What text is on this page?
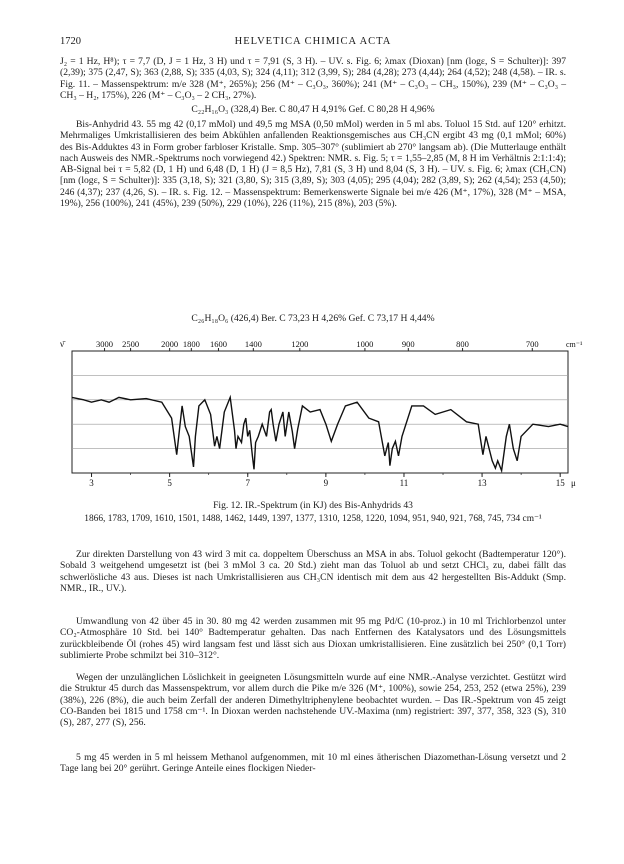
1720	HELVETICA CHIMICA ACTA

J₂ = 1 Hz, H⁸); τ = 7,7 (D, J = 1 Hz, 3 H) und τ = 7,91 (S, 3 H). – UV. s. Fig. 6; λmax (Dioxan) [nm (logε, S = Schulter)]: 397 (2,39); 375 (2,47, S); 363 (2,88, S); 335 (4,03, S); 324 (4,11); 312 (3,99, S); 284 (4,28); 273 (4,44); 264 (4,52); 248 (4,58). – IR. s. Fig. 11. – Massenspektrum: m/e 328 (M⁺, 265%); 256 (M⁺ – C₃O₃, 360%); 241 (M⁺ – C₃O₃ – CH₃, 150%), 239 (M⁺ – C₃O₃ – CH₃ – H₂, 175%), 226 (M⁺ – C₃O₃ – 2 CH₃, 27%).

C₂₂H₁₆O₃ (328,4) Ber. C 80,47 H 4,91% Gef. C 80,28 H 4,96%

Bis-Anhydrid 43. 55 mg 42 (0,17 mMol) und 49,5 mg MSA (0,50 mMol) werden in 5 ml abs. Toluol 15 Std. auf 120° erhitzt. Mehrmaliges Umkristallisieren des beim Abkühlen anfallenden Reaktionsgemisches aus CH₃CN ergibt 43 mg (0,1 mMol; 60%) des Bis-Adduktes 43 in Form grober farbloser Kristalle. Smp. 305–307° (sublimiert ab 270° langsam ab). (Die Mutterlauge enthält nach Ausweis des NMR.-Spektrums noch vorwiegend 42.) Spektren: NMR. s. Fig. 5; τ = 1,55–2,85 (M, 8 H im Verhältnis 2:1:1:4); AB-Signal bei τ = 5,82 (D, 1 H) und 6,48 (D, 1 H) (J = 8,5 Hz), 7,81 (S, 3 H) und 8,04 (S, 3 H). – UV. s. Fig. 6; λmax (CH₃CN) [nm (logε, S = Schulter)]: 335 (3,18, S); 321 (3,80, S); 315 (3,89, S); 303 (4,05); 295 (4,04); 282 (3,89, S); 262 (4,54); 253 (4,50); 246 (4,37); 237 (4,26, S). – IR. s. Fig. 12. – Massenspektrum: Bemerkenswerte Signale bei m/e 426 (M⁺, 17%), 328 (M⁺ – MSA, 19%), 256 (100%), 241 (45%), 239 (50%), 229 (10%), 226 (11%), 215 (8%), 203 (5%).

C₂₆H₁₈O₆ (426,4) Ber. C 73,23 H 4,26% Gef. C 73,17 H 4,44%

ν̄	3000 2500	2000 1800 1600 1400	1200	1000	900	800	700	cm⁻¹
3	5	7	9	11	13	15 μ
Fig. 12. IR.-Spektrum (in KJ) des Bis-Anhydrids 43

1866, 1783, 1709, 1610, 1501, 1488, 1462, 1449, 1397, 1377, 1310, 1258, 1220, 1094, 951, 940, 921, 768, 745, 734 cm⁻¹

Zur direkten Darstellung von 43 wird 3 mit ca. doppeltem Überschuss an MSA in abs. Toluol gekocht (Badtemperatur 120°). Sobald 3 weitgehend umgesetzt ist (bei 3 mMol 3 ca. 20 Std.) zieht man das Toluol ab und setzt CHCl₃ zu, dabei fällt das schwerlösliche 43 aus. Dieses ist nach Umkristallisieren aus CH₃CN identisch mit dem aus 42 hergestellten Bis-Addukt (Smp. NMR., IR., UV.).

Umwandlung von 42 über 45 in 30. 80 mg 42 werden zusammen mit 95 mg Pd/C (10-proz.) in 10 ml Trichlorbenzol unter CO₂-Atmosphäre 10 Std. bei 140° Badtemperatur gehalten. Das nach Entfernen des Katalysators und des Lösungsmittels zurückbleibende Öl (rohes 45) wird langsam fest und lässt sich aus Dioxan umkristallisieren. Eine zusätzlich bei 250° (0,1 Torr) sublimierte Probe schmilzt bei 310–312°.

Wegen der unzulänglichen Löslichkeit in geeigneten Lösungsmitteln wurde auf eine NMR.-Analyse verzichtet. Gestützt wird die Struktur 45 durch das Massenspektrum, vor allem durch die Pike m/e 326 (M⁺, 100%), sowie 254, 253, 252 (etwa 25%), 239 (38%), 226 (8%), die auch beim Zerfall der anderen Dimethyltriphenylene beobachtet wurden. – Das IR.-Spektrum von 45 zeigt CO-Banden bei 1815 und 1758 cm⁻¹. In Dioxan werden nachstehende UV.-Maxima (nm) registriert: 397, 377, 358, 323 (S), 310 (S), 287, 277 (S), 256.

5 mg 45 werden in 5 ml heissem Methanol aufgenommen, mit 10 ml eines ätherischen Diazomethan-Lösung versetzt und 2 Tage lang bei 20° gerührt. Geringe Anteile eines flockigen Nieder-
